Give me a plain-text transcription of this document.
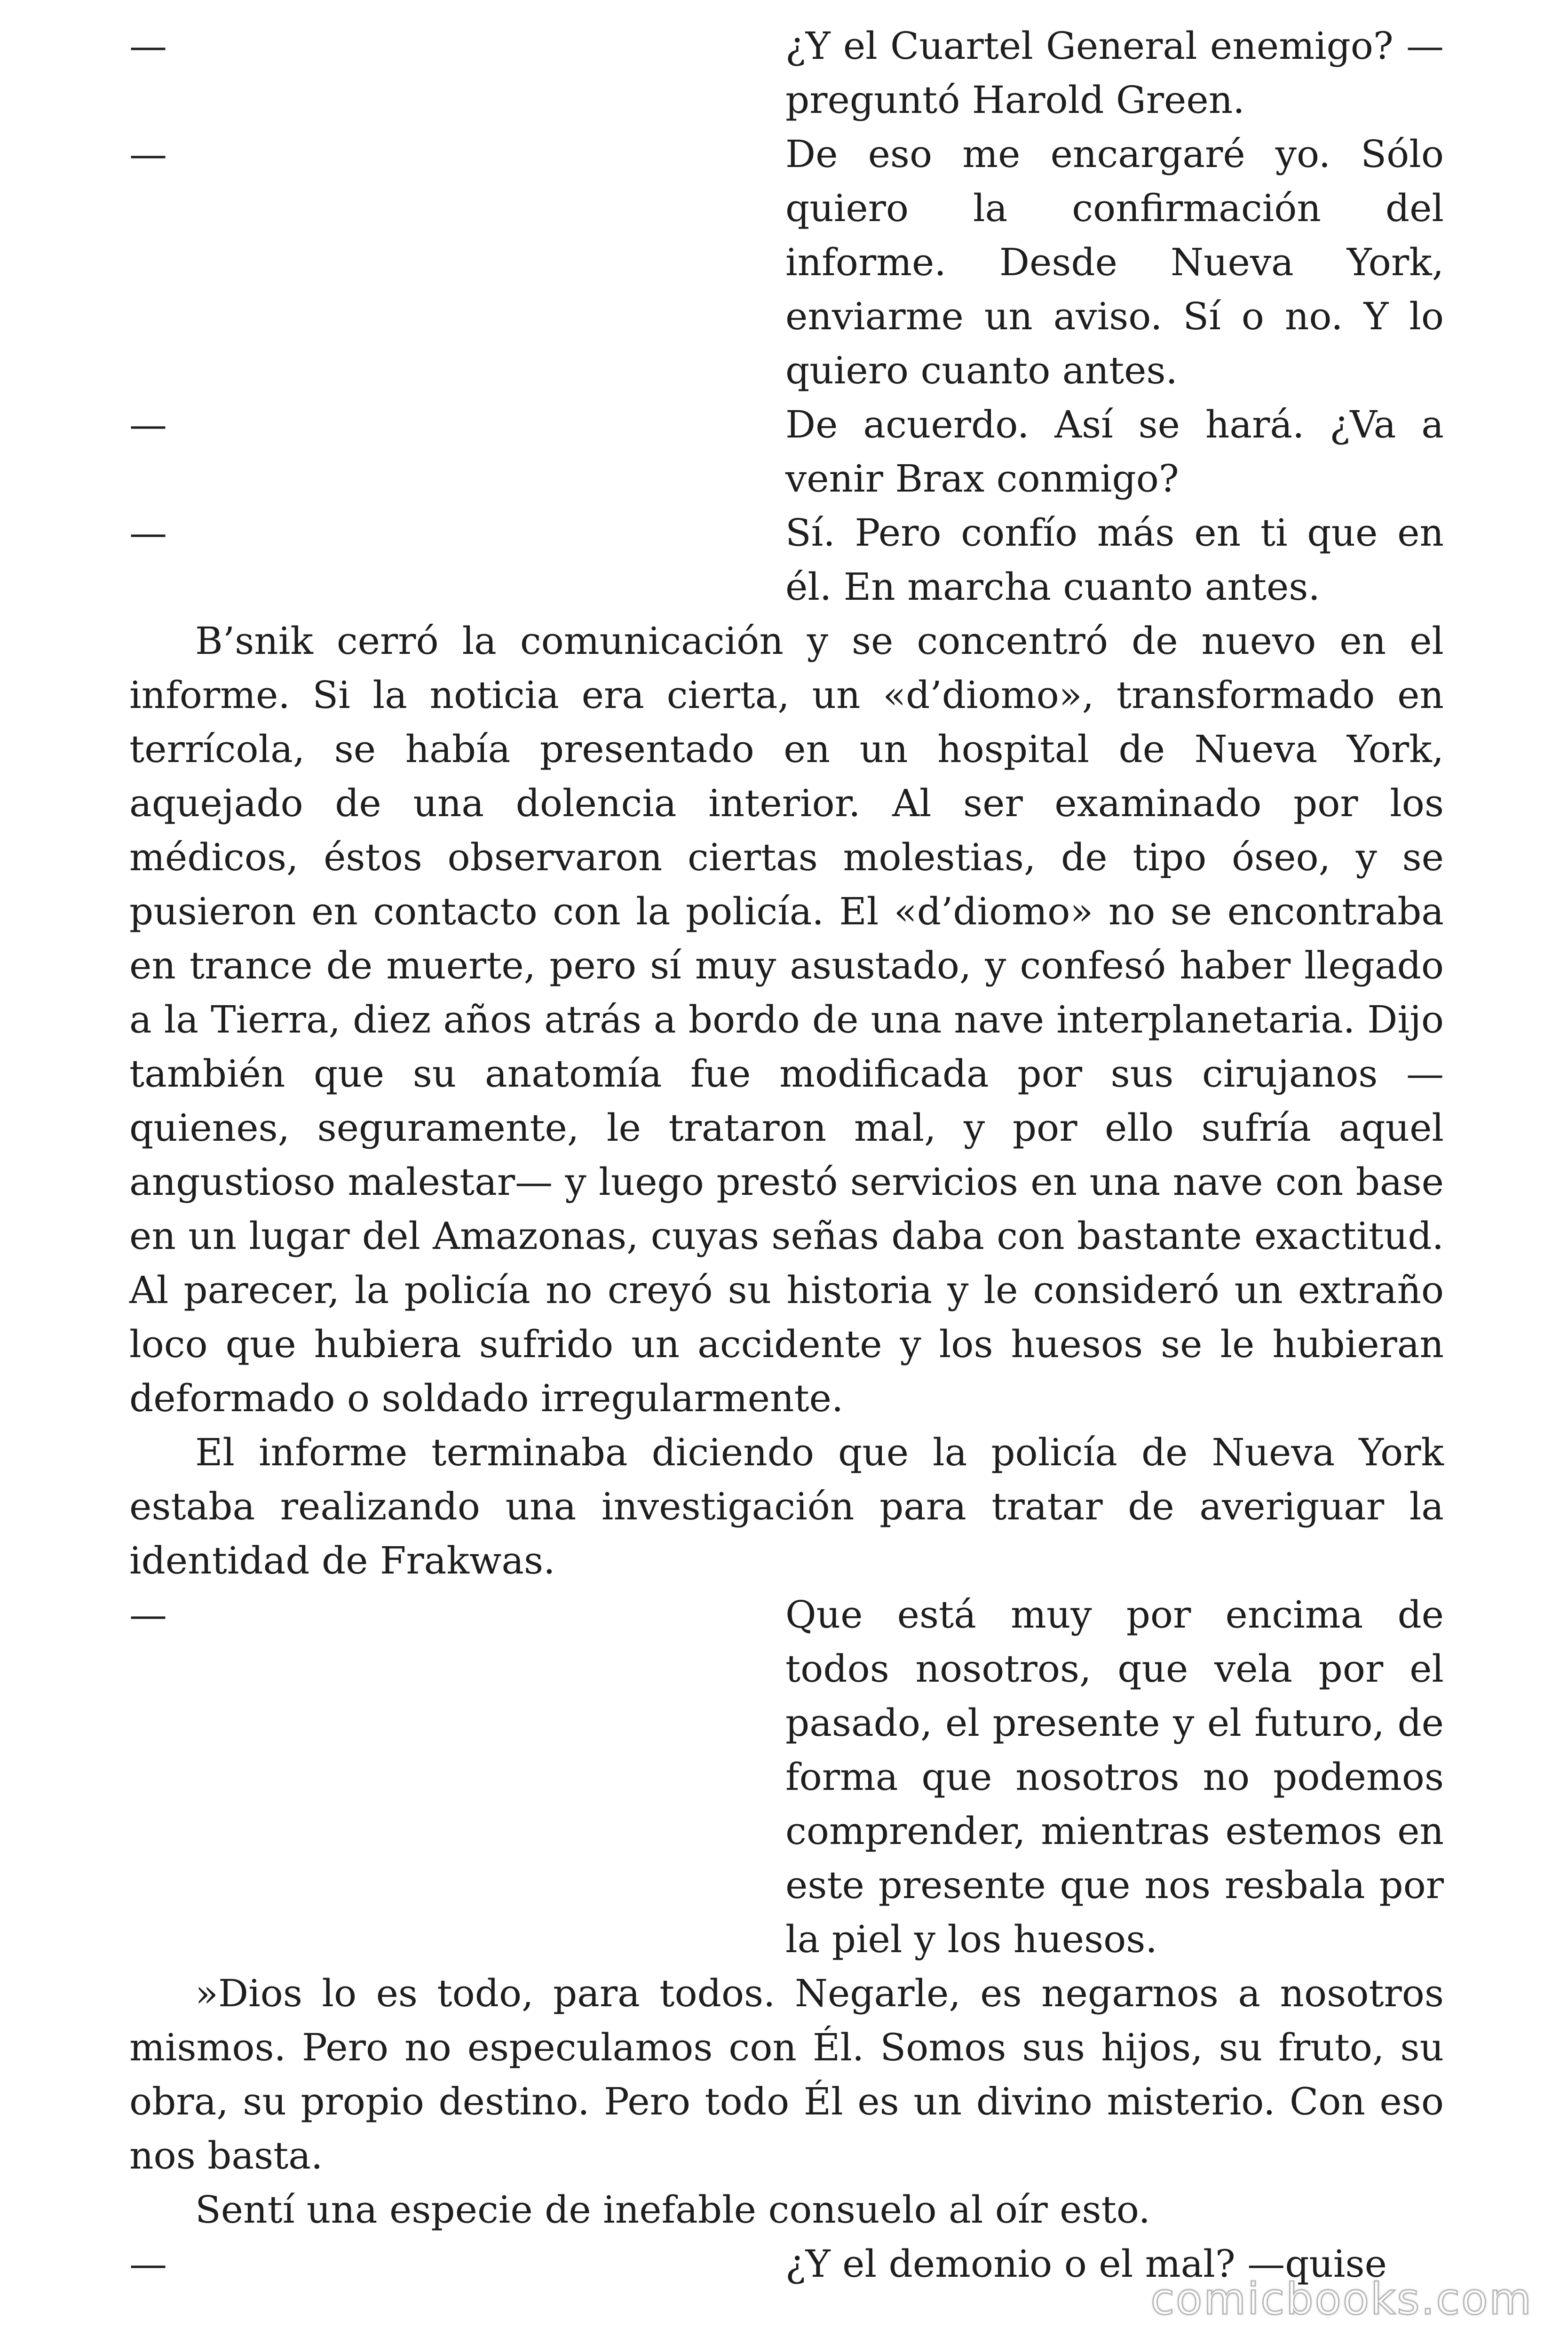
—	¿Y el Cuartel General enemigo? —preguntó Harold Green.
—	De eso me encargaré yo. Sólo quiero la confirmación del informe. Desde Nueva York, enviarme un aviso. Sí o no. Y lo quiero cuanto antes.
—	De acuerdo. Así se hará. ¿Va a venir Brax conmigo?
—	Sí. Pero confío más en ti que en él. En marcha cuanto antes.

B’snik cerró la comunicación y se concentró de nuevo en el informe. Si la noticia era cierta, un «d’diomo», transformado en terrícola, se había presentado en un hospital de Nueva York, aquejado de una dolencia interior. Al ser examinado por los médicos, éstos observaron ciertas molestias, de tipo óseo, y se pusieron en contacto con la policía. El «d’diomo» no se encontraba en trance de muerte, pero sí muy asustado, y confesó haber llegado a la Tierra, diez años atrás a bordo de una nave interplanetaria. Dijo también que su anatomía fue modificada por sus cirujanos —quienes, seguramente, le trataron mal, y por ello sufría aquel angustioso malestar— y luego prestó servicios en una nave con base en un lugar del Amazonas, cuyas señas daba con bastante exactitud. Al parecer, la policía no creyó su historia y le consideró un extraño loco que hubiera sufrido un accidente y los huesos se le hubieran deformado o soldado irregularmente.

El informe terminaba diciendo que la policía de Nueva York estaba realizando una investigación para tratar de averiguar la identidad de Frakwas.

—	Que está muy por encima de todos nosotros, que vela por el pasado, el presente y el futuro, de forma que nosotros no podemos comprender, mientras estemos en este presente que nos resbala por la piel y los huesos.

»Dios lo es todo, para todos. Negarle, es negarnos a nosotros mismos. Pero no especulamos con Él. Somos sus hijos, su fruto, su obra, su propio destino. Pero todo Él es un divino misterio. Con eso nos basta.

Sentí una especie de inefable consuelo al oír esto.

—	¿Y el demonio o el mal? —quise
comicbooks.com
